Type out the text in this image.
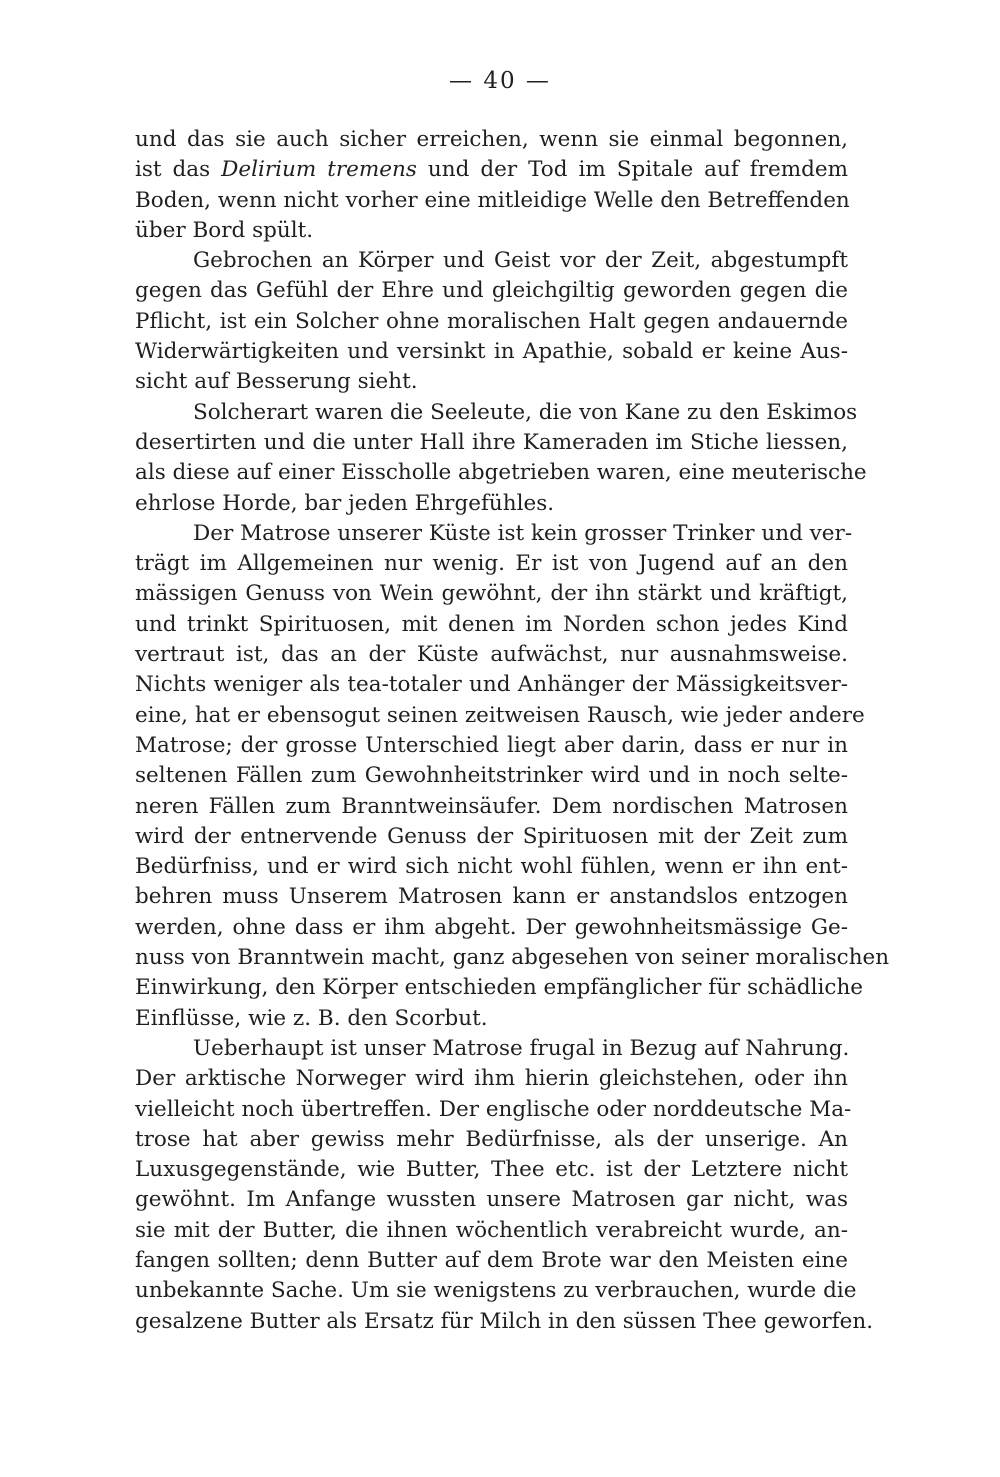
— 40 —
und das sie auch sicher erreichen, wenn sie einmal begonnen,
ist das Delirium tremens und der Tod im Spitale auf fremdem
Boden, wenn nicht vorher eine mitleidige Welle den Betreffenden
über Bord spült.
Gebrochen an Körper und Geist vor der Zeit, abgestumpft
gegen das Gefühl der Ehre und gleichgiltig geworden gegen die
Pflicht, ist ein Solcher ohne moralischen Halt gegen andauernde
Widerwärtigkeiten und versinkt in Apathie, sobald er keine Aus-
sicht auf Besserung sieht.
Solcherart waren die Seeleute, die von Kane zu den Eskimos
desertirten und die unter Hall ihre Kameraden im Stiche liessen,
als diese auf einer Eisscholle abgetrieben waren, eine meuterische
ehrlose Horde, bar jeden Ehrgefühles.
Der Matrose unserer Küste ist kein grosser Trinker und ver-
trägt im Allgemeinen nur wenig. Er ist von Jugend auf an den
mässigen Genuss von Wein gewöhnt, der ihn stärkt und kräftigt,
und trinkt Spirituosen, mit denen im Norden schon jedes Kind
vertraut ist, das an der Küste aufwächst, nur ausnahmsweise.
Nichts weniger als tea-totaler und Anhänger der Mässigkeitsver-
eine, hat er ebensogut seinen zeitweisen Rausch, wie jeder andere
Matrose; der grosse Unterschied liegt aber darin, dass er nur in
seltenen Fällen zum Gewohnheitstrinker wird und in noch selte-
neren Fällen zum Branntweinsäufer. Dem nordischen Matrosen
wird der entnervende Genuss der Spirituosen mit der Zeit zum
Bedürfniss, und er wird sich nicht wohl fühlen, wenn er ihn ent-
behren muss Unserem Matrosen kann er anstandslos entzogen
werden, ohne dass er ihm abgeht. Der gewohnheitsmässige Ge-
nuss von Branntwein macht, ganz abgesehen von seiner moralischen
Einwirkung, den Körper entschieden empfänglicher für schädliche
Einflüsse, wie z. B. den Scorbut.
Ueberhaupt ist unser Matrose frugal in Bezug auf Nahrung.
Der arktische Norweger wird ihm hierin gleichstehen, oder ihn
vielleicht noch übertreffen. Der englische oder norddeutsche Ma-
trose hat aber gewiss mehr Bedürfnisse, als der unserige. An
Luxusgegenstände, wie Butter, Thee etc. ist der Letztere nicht
gewöhnt. Im Anfange wussten unsere Matrosen gar nicht, was
sie mit der Butter, die ihnen wöchentlich verabreicht wurde, an-
fangen sollten; denn Butter auf dem Brote war den Meisten eine
unbekannte Sache. Um sie wenigstens zu verbrauchen, wurde die
gesalzene Butter als Ersatz für Milch in den süssen Thee geworfen.
